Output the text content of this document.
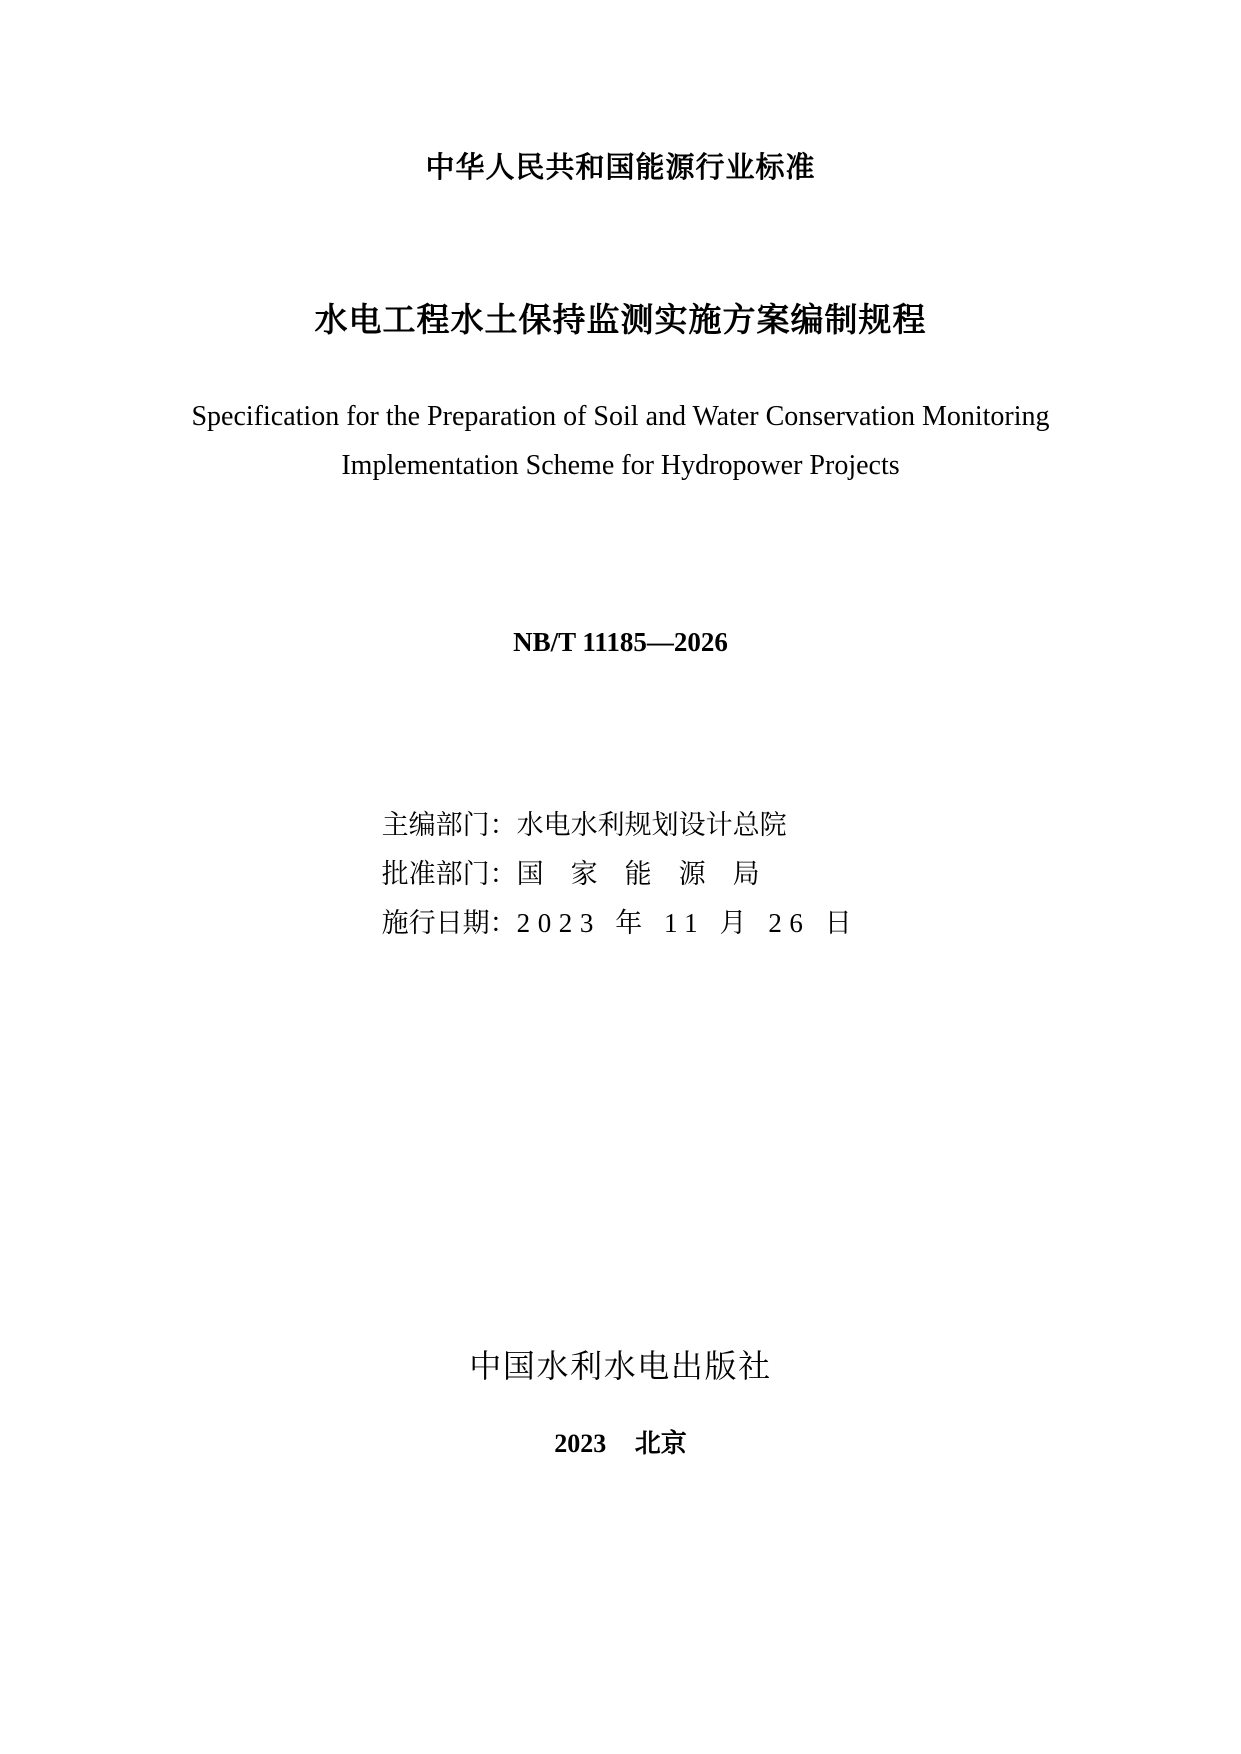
中华人民共和国能源行业标准
水电工程水土保持监测实施方案编制规程
Specification for the Preparation of Soil and Water Conservation Monitoring
Implementation Scheme for Hydropower Projects
NB/T 11185—2026
主编部门：水电水利规划设计总院
批准部门：国　家　能　源　局
施行日期：2023 年 11 月 26 日
中国水利水电出版社
2023 北京
